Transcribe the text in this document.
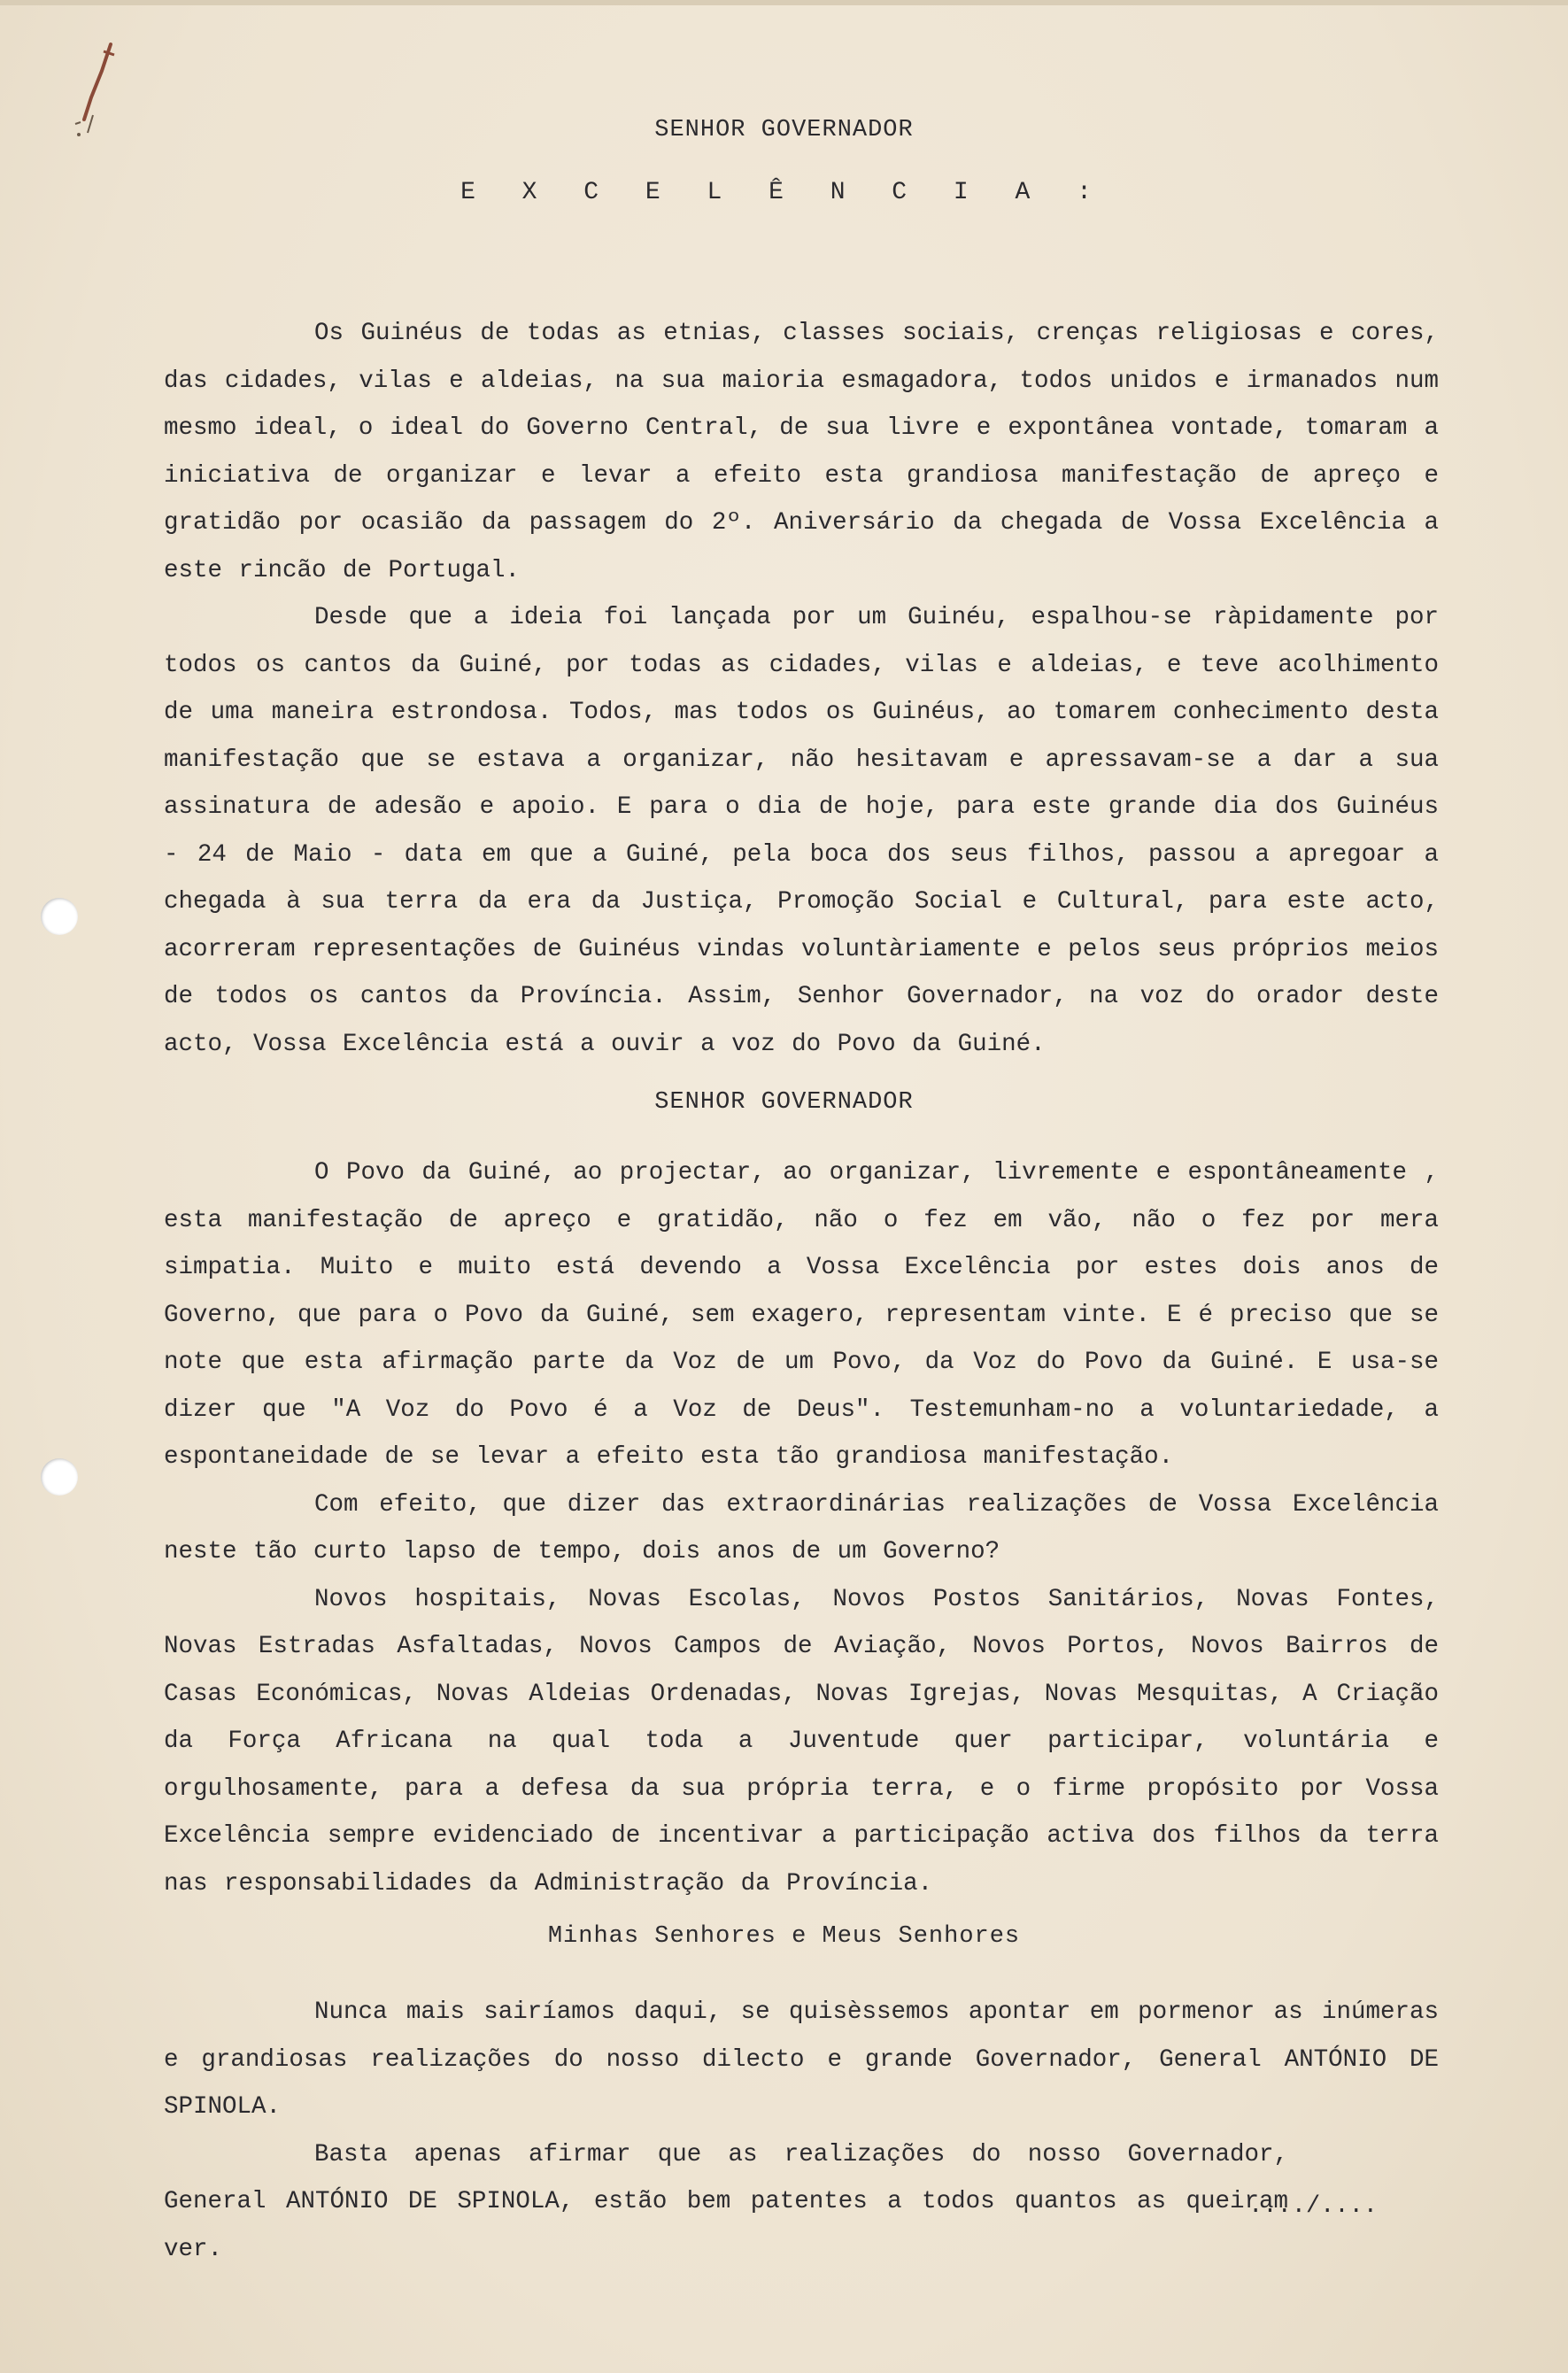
SENHOR GOVERNADOR
E X C E L Ê N C I A :

Os Guinéus de todas as etnias, classes sociais, crenças religiosas e cores, das cidades, vilas e aldeias, na sua maioria esmagadora, todos unidos e irmanados num mesmo ideal, o ideal do Governo Central, de sua livre e expontânea vontade, tomaram a iniciativa de organizar e levar a efeito esta grandiosa manifestação de apreço e gratidão por ocasião da passagem do 2º. Aniversário da chegada de Vossa Excelência a este rincão de Portugal.

Desde que a ideia foi lançada por um Guinéu, espalhou-se ràpidamente por todos os cantos da Guiné, por todas as cidades, vilas e aldeias, e teve acolhimento de uma maneira estrondosa. Todos, mas todos os Guinéus, ao tomarem conhecimento desta manifestação que se estava a organizar, não hesitavam e apressavam-se a dar a sua assinatura de adesão e apoio. E para o dia de hoje, para este grande dia dos Guinéus - 24 de Maio - data em que a Guiné, pela boca dos seus filhos, passou a apregoar a chegada à sua terra da era da Justiça, Promoção Social e Cultural, para este acto, acorreram representações de Guinéus vindas voluntàriamente e pelos seus próprios meios de todos os cantos da Província. Assim, Senhor Governador, na voz do orador deste acto, Vossa Excelência está a ouvir a voz do Povo da Guiné.

SENHOR GOVERNADOR

O Povo da Guiné, ao projectar, ao organizar, livremente e espontâneamente , esta manifestação de apreço e gratidão, não o fez em vão, não o fez por mera simpatia. Muito e muito está devendo a Vossa Excelência por estes dois anos de Governo, que para o Povo da Guiné, sem exagero, representam vinte. E é preciso que se note que esta afirmação parte da Voz de um Povo, da Voz do Povo da Guiné. E usa-se dizer que "A Voz do Povo é a Voz de Deus". Testemunham-no a voluntariedade, a espontaneidade de se levar a efeito esta tão grandiosa manifestação.

Com efeito, que dizer das extraordinárias realizações de Vossa Excelência neste tão curto lapso de tempo, dois anos de um Governo?

Novos hospitais, Novas Escolas, Novos Postos Sanitários, Novas Fontes, Novas Estradas Asfaltadas, Novos Campos de Aviação, Novos Portos, Novos Bairros de Casas Económicas, Novas Aldeias Ordenadas, Novas Igrejas, Novas Mesquitas, A Criação da Força Africana na qual toda a Juventude quer participar, voluntária e orgulhosamente, para a defesa da sua própria terra, e o firme propósito por Vossa Excelência sempre evidenciado de incentivar a participação activa dos filhos da terra nas responsabilidades da Administração da Província.

Minhas Senhores e Meus Senhores

Nunca mais sairíamos daqui, se quisèssemos apontar em pormenor as inúmeras e grandiosas realizações do nosso dilecto e grande Governador, General ANTÓNIO DE SPINOLA.

Basta apenas afirmar que as realizações do nosso Governador, General ANTÓNIO DE SPINOLA, estão bem patentes a todos quantos as queiram ver.

..../....
